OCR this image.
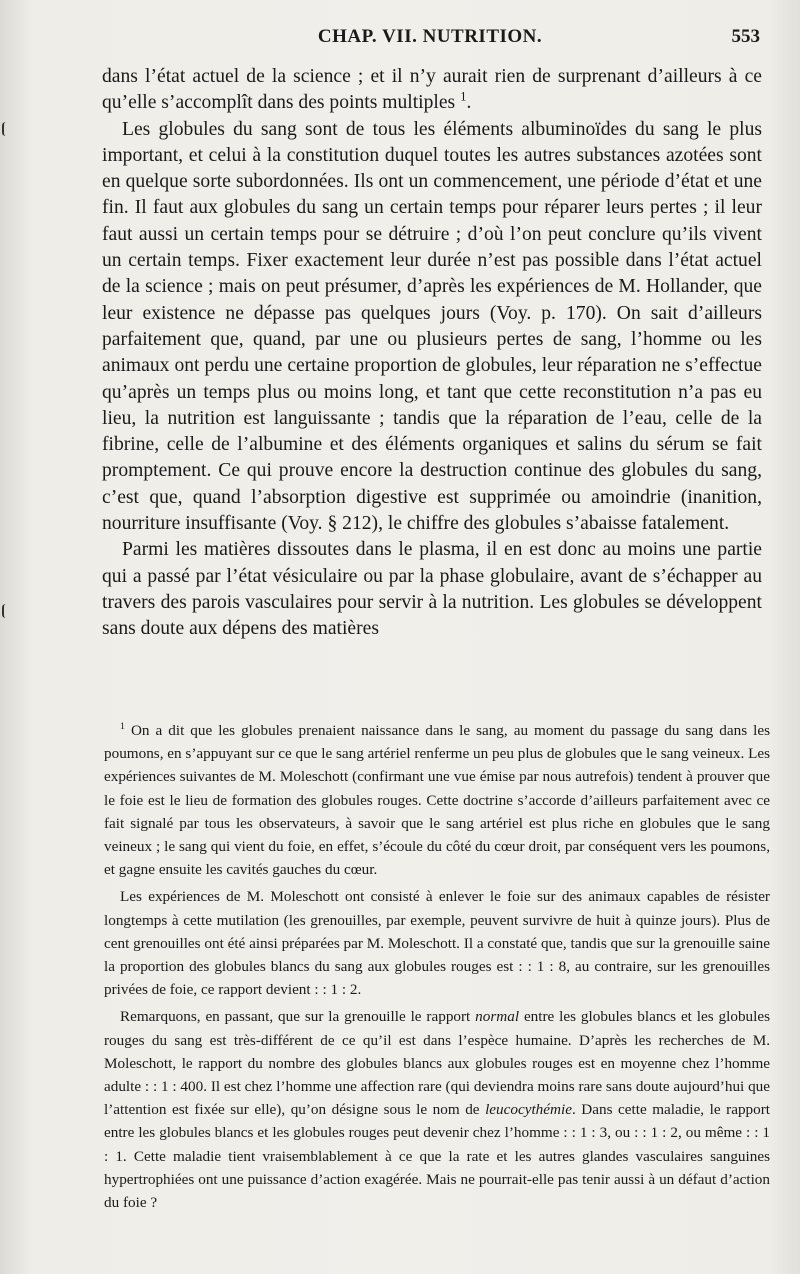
CHAP. VII. NUTRITION.	553

dans l’état actuel de la science ; et il n’y aurait rien de surprenant d’ailleurs à ce qu’elle s’accomplît dans des points multiples $^1$.

Les globules du sang sont de tous les éléments albuminoïdes du sang le plus important, et celui à la constitution duquel toutes les autres substances azotées sont en quelque sorte subordonnées. Ils ont un commencement, une période d’état et une fin. Il faut aux globules du sang un certain temps pour réparer leurs pertes ; il leur faut aussi un certain temps pour se détruire ; d’où l’on peut conclure qu’ils vivent un certain temps. Fixer exactement leur durée n’est pas possible dans l’état actuel de la science ; mais on peut présumer, d’après les expériences de M. Hollander, que leur existence ne dépasse pas quelques jours (Voy. p. 170). On sait d’ailleurs parfaitement que, quand, par une ou plusieurs pertes de sang, l’homme ou les animaux ont perdu une certaine proportion de globules, leur réparation ne s’effectue qu’après un temps plus ou moins long, et tant que cette reconstitution n’a pas eu lieu, la nutrition est languissante ; tandis que la réparation de l’eau, celle de la fibrine, celle de l’albumine et des éléments organiques et salins du sérum se fait promptement. Ce qui prouve encore la destruction continue des globules du sang, c’est que, quand l’absorption digestive est supprimée ou amoindrie (inanition, nourriture insuffisante (Voy. § 212), le chiffre des globules s’abaisse fatalement.

Parmi les matières dissoutes dans le plasma, il en est donc au moins une partie qui a passé par l’état vésiculaire ou par la phase globulaire, avant de s’échapper au travers des parois vasculaires pour servir à la nutrition. Les globules se développent sans doute aux dépens des matières

$^1$ On a dit que les globules prenaient naissance dans le sang, au moment du passage du sang dans les poumons, en s’appuyant sur ce que le sang artériel renferme un peu plus de globules que le sang veineux. Les expériences suivantes de M. Moleschott (confirmant une vue émise par nous autrefois) tendent à prouver que le foie est le lieu de formation des globules rouges. Cette doctrine s’accorde d’ailleurs parfaitement avec ce fait signalé par tous les observateurs, à savoir que le sang artériel est plus riche en globules que le sang veineux ; le sang qui vient du foie, en effet, s’écoule du côté du cœur droit, par conséquent vers les poumons, et gagne ensuite les cavités gauches du cœur.

Les expériences de M. Moleschott ont consisté à enlever le foie sur des animaux capables de résister longtemps à cette mutilation (les grenouilles, par exemple, peuvent survivre de huit à quinze jours). Plus de cent grenouilles ont été ainsi préparées par M. Moleschott. Il a constaté que, tandis que sur la grenouille saine la proportion des globules blancs du sang aux globules rouges est : : 1 : 8, au contraire, sur les grenouilles privées de foie, ce rapport devient : : 1 : 2.

Remarquons, en passant, que sur la grenouille le rapport normal entre les globules blancs et les globules rouges du sang est très-différent de ce qu’il est dans l’espèce humaine. D’après les recherches de M. Moleschott, le rapport du nombre des globules blancs aux globules rouges est en moyenne chez l’homme adulte : : 1 : 400. Il est chez l’homme une affection rare (qui deviendra moins rare sans doute aujourd’hui que l’attention est fixée sur elle), qu’on désigne sous le nom de leucocythémie. Dans cette maladie, le rapport entre les globules blancs et les globules rouges peut devenir chez l’homme : : 1 : 3, ou : : 1 : 2, ou même : : 1 : 1. Cette maladie tient vraisemblablement à ce que la rate et les autres glandes vasculaires sanguines hypertrophiées ont une puissance d’action exagérée. Mais ne pourrait-elle pas tenir aussi à un défaut d’action du foie ?
